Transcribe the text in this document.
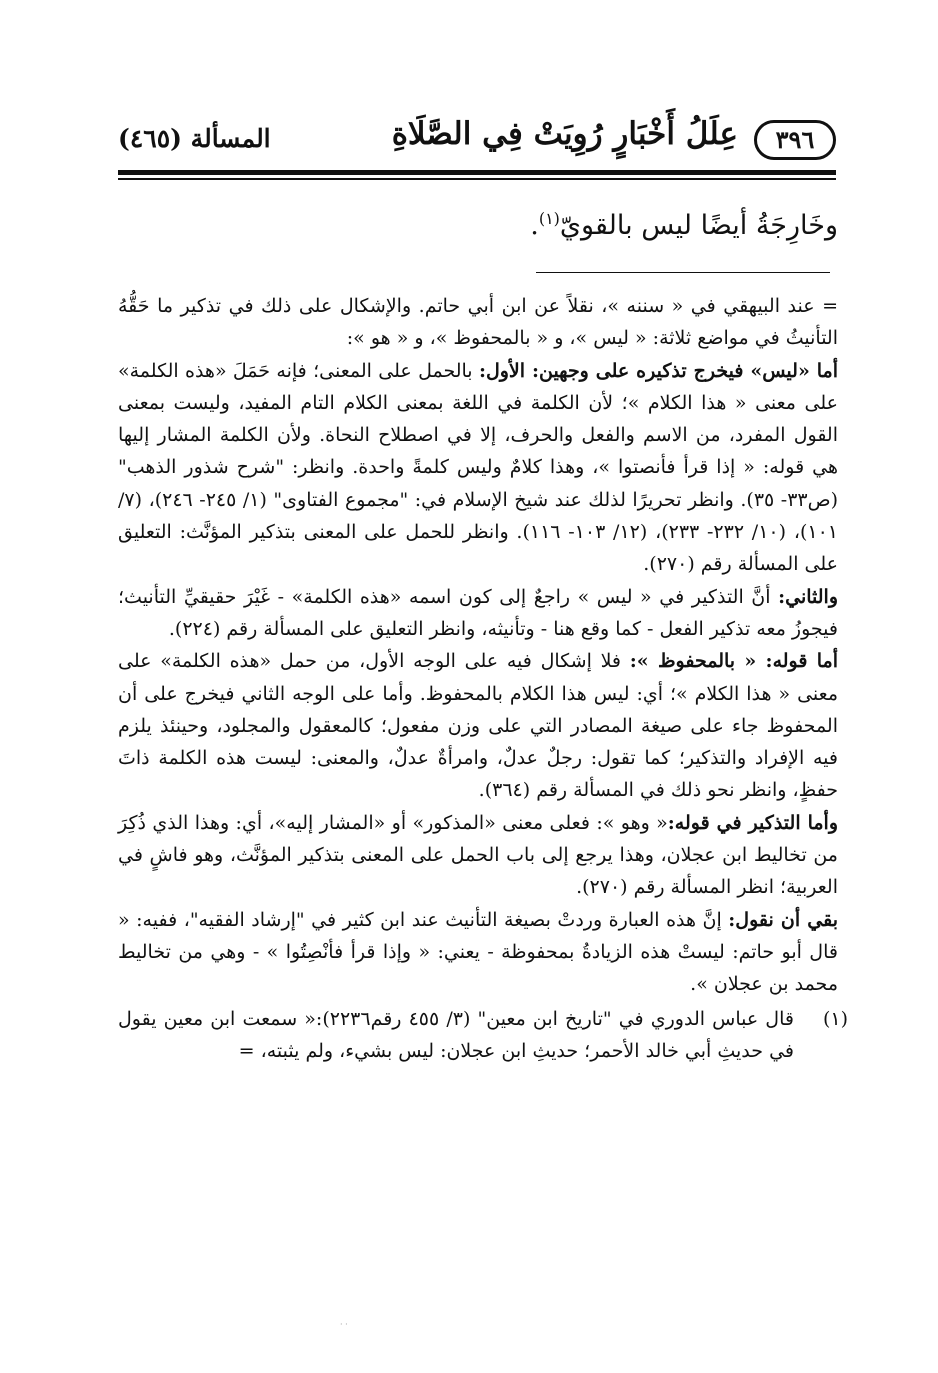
٣٩٦
عِلَلُ أَخْبَارٍ رُوِيَتْ فِي الصَّلَاةِ
المسألة (٤٦٥)
وخَارِجَةُ أيضًا ليس بالقويّ$^{(١)}$.

= عند البيهقي في « سننه »، نقلاً عن ابن أبي حاتم. والإشكال على ذلك في تذكير ما حَقُّهُ التأنيثُ في مواضع ثلاثة: « ليس »، و « بالمحفوظ »، و « هو »:

أما «ليس» فيخرج تذكيره على وجهين: الأول: بالحمل على المعنى؛ فإنه حَمَلَ «هذه الكلمة» على معنى « هذا الكلام »؛ لأن الكلمة في اللغة بمعنى الكلام التام المفيد، وليست بمعنى القول المفرد، من الاسم والفعل والحرف، إلا في اصطلاح النحاة. ولأن الكلمة المشار إليها هي قوله: « إذا قرأ فأنصتوا »، وهذا كلامٌ وليس كلمةً واحدة. وانظر: "شرح شذور الذهب" (ص٣٣- ٣٥). وانظر تحريرًا لذلك عند شيخ الإسلام في: "مجموع الفتاوى" (١/ ٢٤٥- ٢٤٦)، (٧/ ١٠١)، (١٠/ ٢٣٢- ٢٣٣)، (١٢/ ١٠٣- ١١٦). وانظر للحمل على المعنى بتذكير المؤنَّث: التعليق على المسألة رقم (٢٧٠).

والثاني: أنَّ التذكير في « ليس » راجعٌ إلى كون اسمه «هذه الكلمة» - غَيْرَ حقيقيِّ التأنيث؛ فيجوزُ معه تذكير الفعل - كما وقع هنا - وتأنيثه، وانظر التعليق على المسألة رقم (٢٢٤).

أما قوله: « بالمحفوظ »: فلا إشكال فيه على الوجه الأول، من حمل «هذه الكلمة» على معنى « هذا الكلام »؛ أي: ليس هذا الكلام بالمحفوظ. وأما على الوجه الثاني فيخرج على أن المحفوظ جاء على صيغة المصادر التي على وزن مفعول؛ كالمعقول والمجلود، وحينئذ يلزم فيه الإفراد والتذكير؛ كما تقول: رجلٌ عدلٌ، وامرأةٌ عدلٌ، والمعنى: ليست هذه الكلمة ذاتَ حفظٍ، وانظر نحو ذلك في المسألة رقم (٣٦٤).

وأما التذكير في قوله:« وهو »: فعلى معنى «المذكور» أو «المشار إليه»، أي: وهذا الذي ذُكِرَ من تخاليط ابن عجلان، وهذا يرجع إلى باب الحمل على المعنى بتذكير المؤنَّث، وهو فاشٍ في العربية؛ انظر المسألة رقم (٢٧٠).

بقي أن نقول: إنَّ هذه العبارة وردتْ بصيغة التأنيث عند ابن كثير في "إرشاد الفقيه"، ففيه: « قال أبو حاتم: ليستْ هذه الزيادةُ بمحفوظة - يعني: « وإذا قرأ فأنْصِتُوا » - وهي من تخاليط محمد بن عجلان ».

(١)
قال عباس الدوري في "تاريخ ابن معين" (٣/ ٤٥٥ رقم٢٢٣٦):« سمعت ابن معين يقول في حديثِ أبي خالد الأحمر؛ حديثِ ابن عجلان: ليس بشيء، ولم يثبته، =

· ·
